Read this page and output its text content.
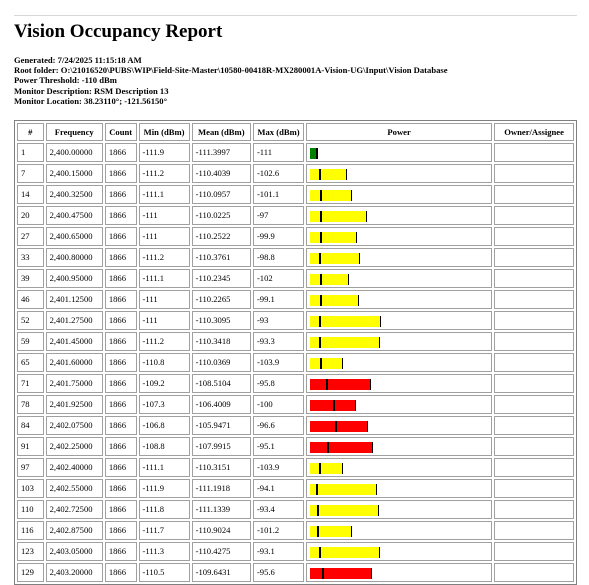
Vision Occupancy Report
Generated: 7/24/2025 11:15:18 AM
Root folder: O:\21016520\PUBS\WIP\Field-Site-Master\10580-00418R-MX280001A-Vision-UG\Input\Vision Database
Power Threshold: -110 dBm
Monitor Description: RSM Description 13
Monitor Location: 38.23110°; -121.56150°
#	Frequency	Count	Min (dBm)	Mean (dBm)	Max (dBm)	Power	Owner/Assignee
1	2,400.00000	1866	-111.9	-111.3997	-111	

7	2,400.15000	1866	-111.2	-110.4039	-102.6	

14	2,400.32500	1866	-111.1	-110.0957	-101.1	

20	2,400.47500	1866	-111	-110.0225	-97	

27	2,400.65000	1866	-111	-110.2522	-99.9	

33	2,400.80000	1866	-111.2	-110.3761	-98.8	

39	2,400.95000	1866	-111.1	-110.2345	-102	

46	2,401.12500	1866	-111	-110.2265	-99.1	

52	2,401.27500	1866	-111	-110.3095	-93	

59	2,401.45000	1866	-111.2	-110.3418	-93.3	

65	2,401.60000	1866	-110.8	-110.0369	-103.9	

71	2,401.75000	1866	-109.2	-108.5104	-95.8	

78	2,401.92500	1866	-107.3	-106.4009	-100	

84	2,402.07500	1866	-106.8	-105.9471	-96.6	

91	2,402.25000	1866	-108.8	-107.9915	-95.1	

97	2,402.40000	1866	-111.1	-110.3151	-103.9	

103	2,402.55000	1866	-111.9	-111.1918	-94.1	

110	2,402.72500	1866	-111.8	-111.1339	-93.4	

116	2,402.87500	1866	-111.7	-110.9024	-101.2	

123	2,403.05000	1866	-111.3	-110.4275	-93.1	

129	2,403.20000	1866	-110.5	-109.6431	-95.6	
